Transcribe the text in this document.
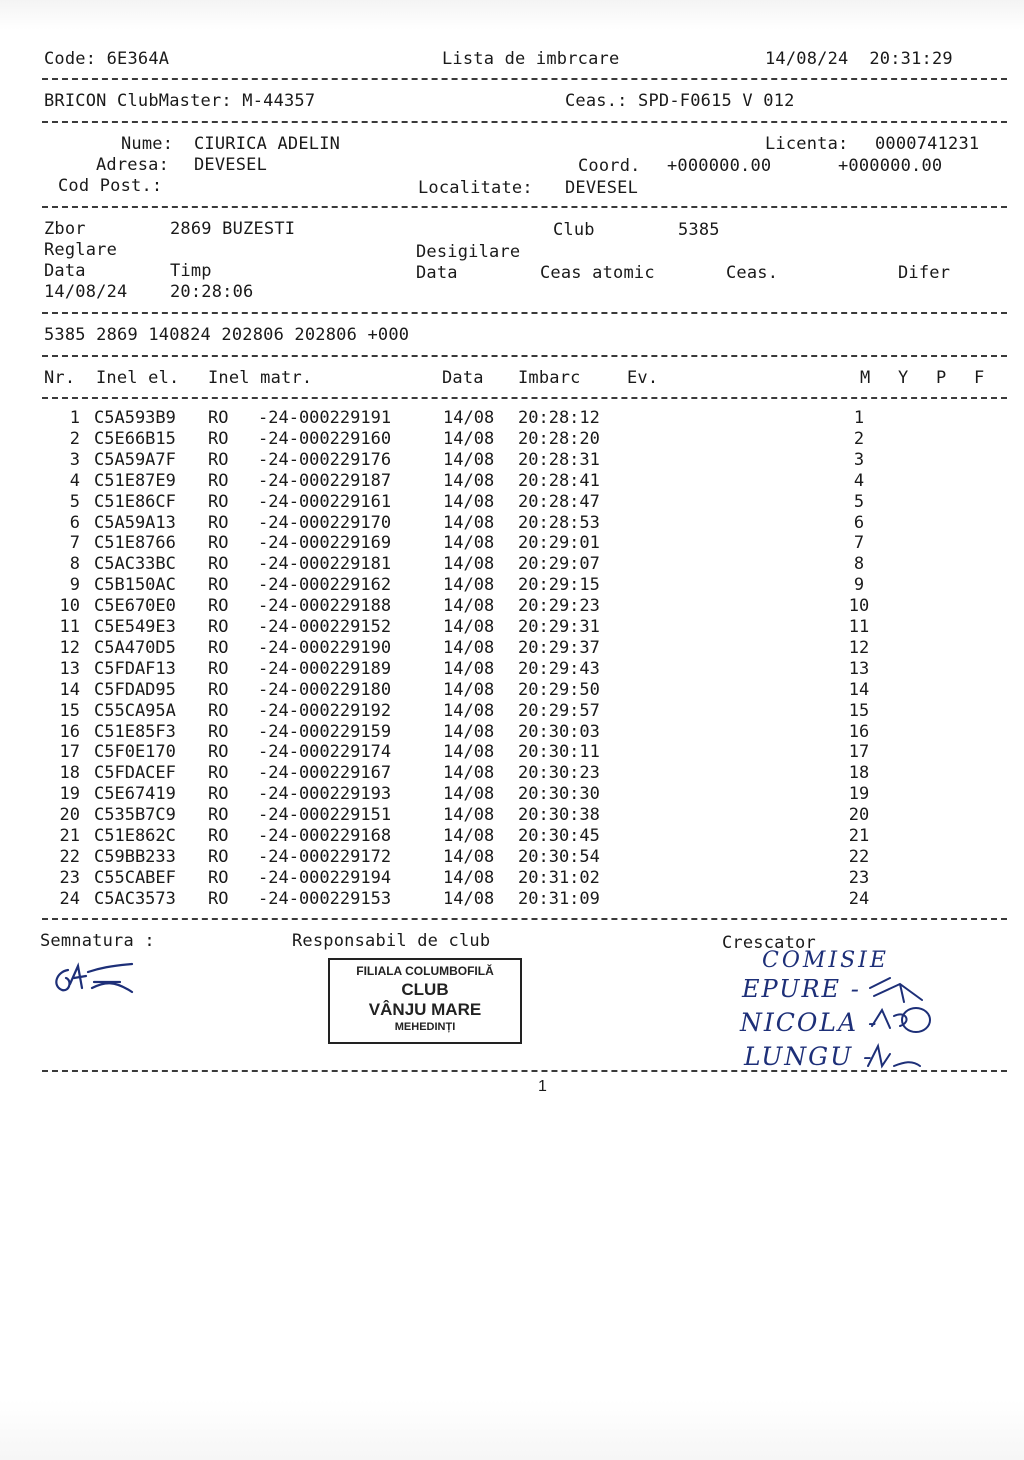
Code: 6E364A	Lista de imbrcare	14/08/24  20:31:29
BRICON ClubMaster: M-44357	Ceas.: SPD-F0615 V 012
Nume: CIURICA ADELIN	Licenta: 0000741231
Adresa: DEVESEL	Coord. +000000.00	+000000.00
Cod Post.:	Localitate: DEVESEL
Zbor	2869 BUZESTI	Club	5385
Reglare	Desigilare
Data	Timp	Data	Ceas atomic	Ceas.	Difer
14/08/24	20:28:06
5385 2869 140824 202806 202806 +000
Nr. Inel el. Inel matr.	Data Imbarc	Ev.	M Y P F
1 C5A593B9 RO -24-000229191	14/08 20:28:12	1
2 C5E66B15 RO -24-000229160	14/08 20:28:20	2
3 C5A59A7F RO -24-000229176	14/08 20:28:31	3
4 C51E87E9 RO -24-000229187	14/08 20:28:41	4
5 C51E86CF RO -24-000229161	14/08 20:28:47	5
6 C5A59A13 RO -24-000229170	14/08 20:28:53	6
7 C51E8766 RO -24-000229169	14/08 20:29:01	7
8 C5AC33BC RO -24-000229181	14/08 20:29:07	8
9 C5B150AC RO -24-000229162	14/08 20:29:15	9
10 C5E670E0 RO -24-000229188	14/08 20:29:23	10
11 C5E549E3 RO -24-000229152	14/08 20:29:31	11
12 C5A470D5 RO -24-000229190	14/08 20:29:37	12
13 C5FDAF13 RO -24-000229189	14/08 20:29:43	13
14 C5FDAD95 RO -24-000229180	14/08 20:29:50	14
15 C55CA95A RO -24-000229192	14/08 20:29:57	15
16 C51E85F3 RO -24-000229159	14/08 20:30:03	16
17 C5F0E170 RO -24-000229174	14/08 20:30:11	17
18 C5FDACEF RO -24-000229167	14/08 20:30:23	18
19 C5E67419 RO -24-000229193	14/08 20:30:30	19
20 C535B7C9 RO -24-000229151	14/08 20:30:38	20
21 C51E862C RO -24-000229168	14/08 20:30:45	21
22 C59BB233 RO -24-000229172	14/08 20:30:54	22
23 C55CABEF RO -24-000229194	14/08 20:31:02	23
24 C5AC3573 RO -24-000229153	14/08 20:31:09	24
Semnatura :	Responsabil de club	Crescator
FILIALA COLUMBOFILĂ
CLUB
VÂNJU MARE
MEHEDINȚI
COMISIE
EPURE -
NICOLA -
LUNGU -
1
